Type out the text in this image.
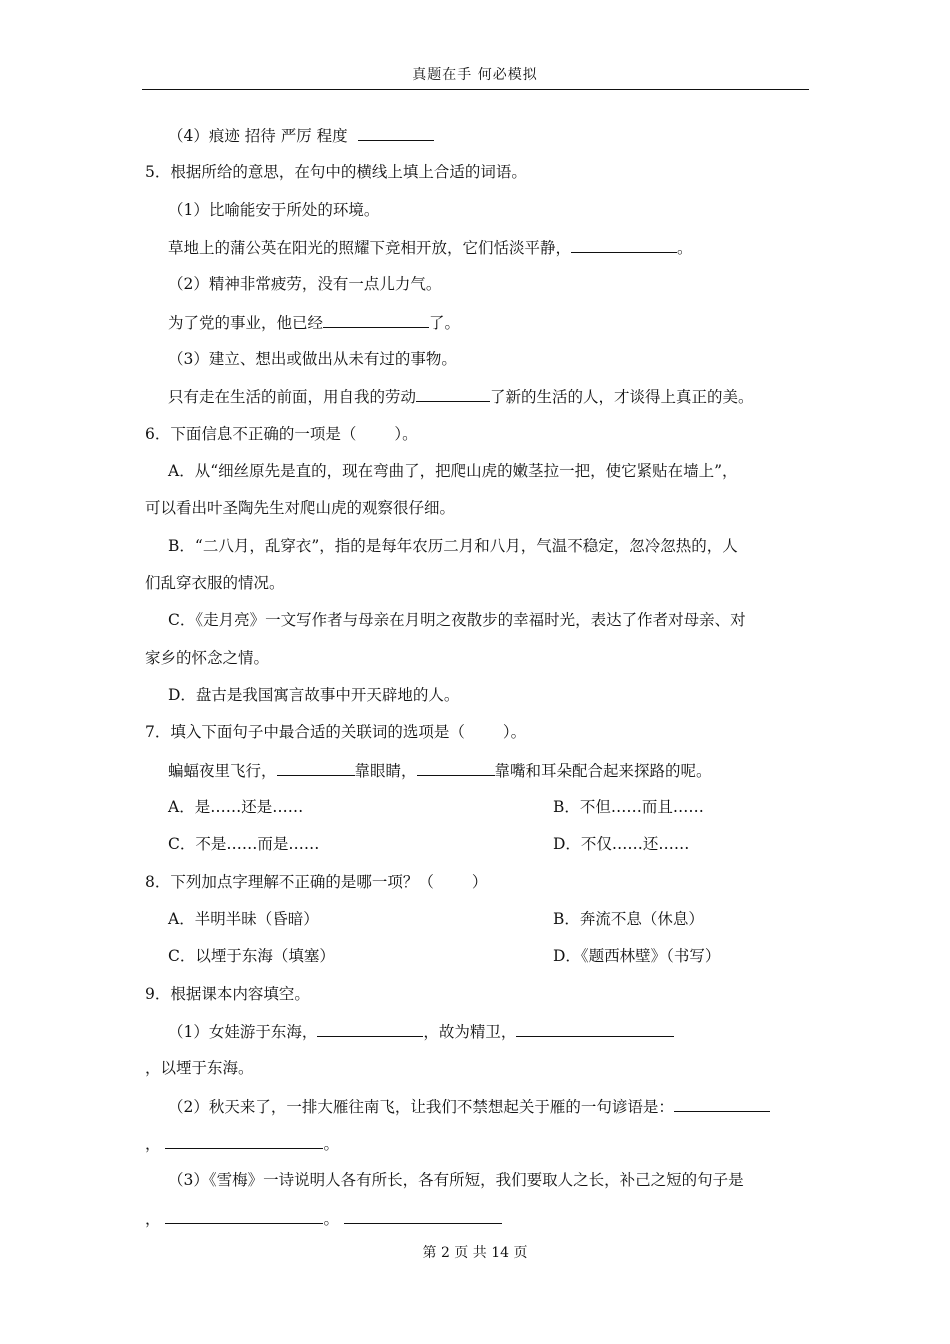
真题在手 何必模拟
（4）痕迹 招待 严厉 程度
5．根据所给的意思，在句中的横线上填上合适的词语。
（1）比喻能安于所处的环境。
草地上的蒲公英在阳光的照耀下竞相开放，它们恬淡平静，	。
（2）精神非常疲劳，没有一点儿力气。
为了党的事业，他已经	了。
（3）建立、想出或做出从未有过的事物。
只有走在生活的前面，用自我的劳动	了新的生活的人，才谈得上真正的美。
6．下面信息不正确的一项是（ ）。
A．从“细丝原先是直的，现在弯曲了，把爬山虎的嫩茎拉一把，使它紧贴在墙上”，
可以看出叶圣陶先生对爬山虎的观察很仔细。
B．“二八月，乱穿衣”，指的是每年农历二月和八月，气温不稳定，忽冷忽热的，人
们乱穿衣服的情况。
C．《走月亮》一文写作者与母亲在月明之夜散步的幸福时光，表达了作者对母亲、对
家乡的怀念之情。
D．盘古是我国寓言故事中开天辟地的人。
7．填入下面句子中最合适的关联词的选项是（ ）。
蝙蝠夜里飞行，	靠眼睛，	靠嘴和耳朵配合起来探路的呢。
A．是……还是……	B．不但……而且……
C．不是……而是……	D．不仅……还……
8．下列加点字理解不正确的是哪一项？（ ）
A．半明半昧（昏暗）	B．奔流不息（休息）
C．以堙于东海（填塞）	D．《题西林壁》（书写）
9．根据课本内容填空。
（1）女娃游于东海，	，故为精卫，
，以堙于东海。
（2）秋天来了，一排大雁往南飞，让我们不禁想起关于雁的一句谚语是：
，	。
（3）《雪梅》一诗说明人各有所长，各有所短，我们要取人之长，补己之短的句子是
，	。
第 2 页 共 14 页
